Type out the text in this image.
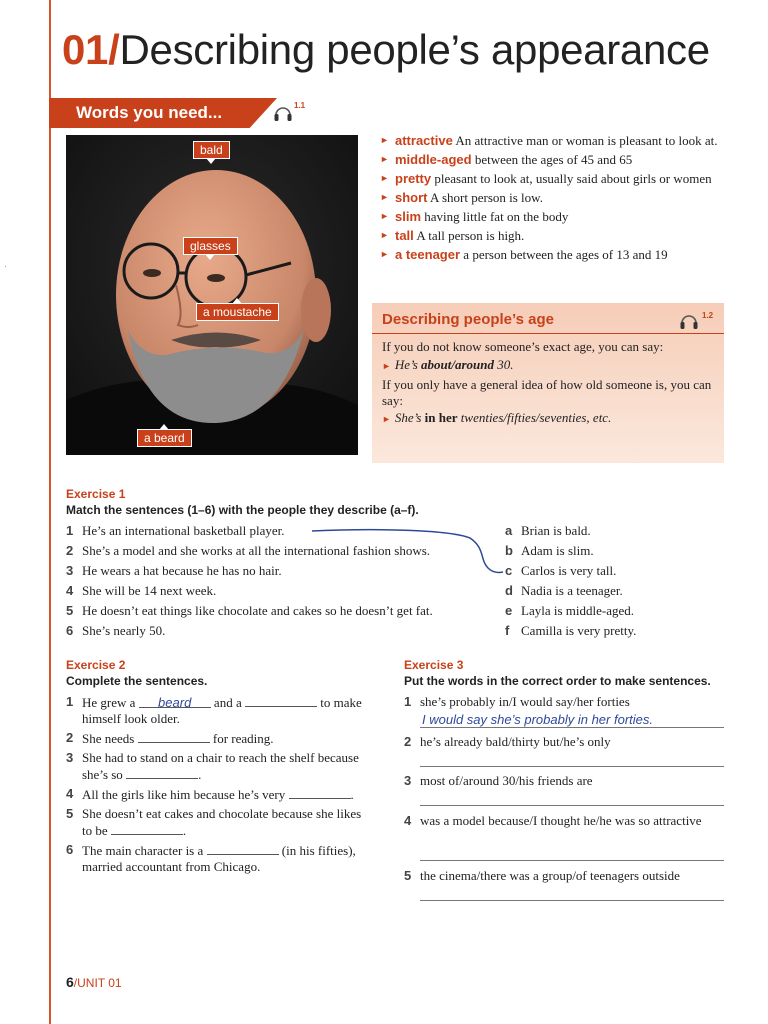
·
01/Describing people’s appearance
Words you need...	1.1
bald
glasses
a moustache
a beard
► attractive An attractive man or woman is pleasant to look at.
► middle-aged between the ages of 45 and 65
► pretty pleasant to look at, usually said about girls or women
► short A short person is low.
► slim having little fat on the body
► tall A tall person is high.
► a teenager a person between the ages of 13 and 19
Describing people’s age	1.2
If you do not know someone’s exact age, you can say:
► He’s about/around 30.
If you only have a general idea of how old someone is, you can say:
► She’s in her twenties/fifties/seventies, etc.
Exercise 1
Match the sentences (1–6) with the people they describe (a–f).
1 He’s an international basketball player.
2 She’s a model and she works at all the international fashion shows.
3 He wears a hat because he has no hair.
4 She will be 14 next week.
5 He doesn’t eat things like chocolate and cakes so he doesn’t get fat.
6 She’s nearly 50.
a Brian is bald.
b Adam is slim.
c Carlos is very tall.
d Nadia is a teenager.
e Layla is middle-aged.
f Camilla is very pretty.
Exercise 2
Complete the sentences.
1 He grew a beard and a	to make himself look older.
2 She needs	for reading.
3 She had to stand on a chair to reach the shelf because she’s so	.
4 All the girls like him because he’s very	.
5 She doesn’t eat cakes and chocolate because she likes to be	.
6 The main character is a	(in his fifties), married accountant from Chicago.
Exercise 3
Put the words in the correct order to make sentences.
1 she’s probably in/I would say/her forties
I would say she’s probably in her forties.
2 he’s already bald/thirty but/he’s only
3 most of/around 30/his friends are
4 was a model because/I thought he/he was so attractive
5 the cinema/there was a group/of teenagers outside
6/UNIT 01
